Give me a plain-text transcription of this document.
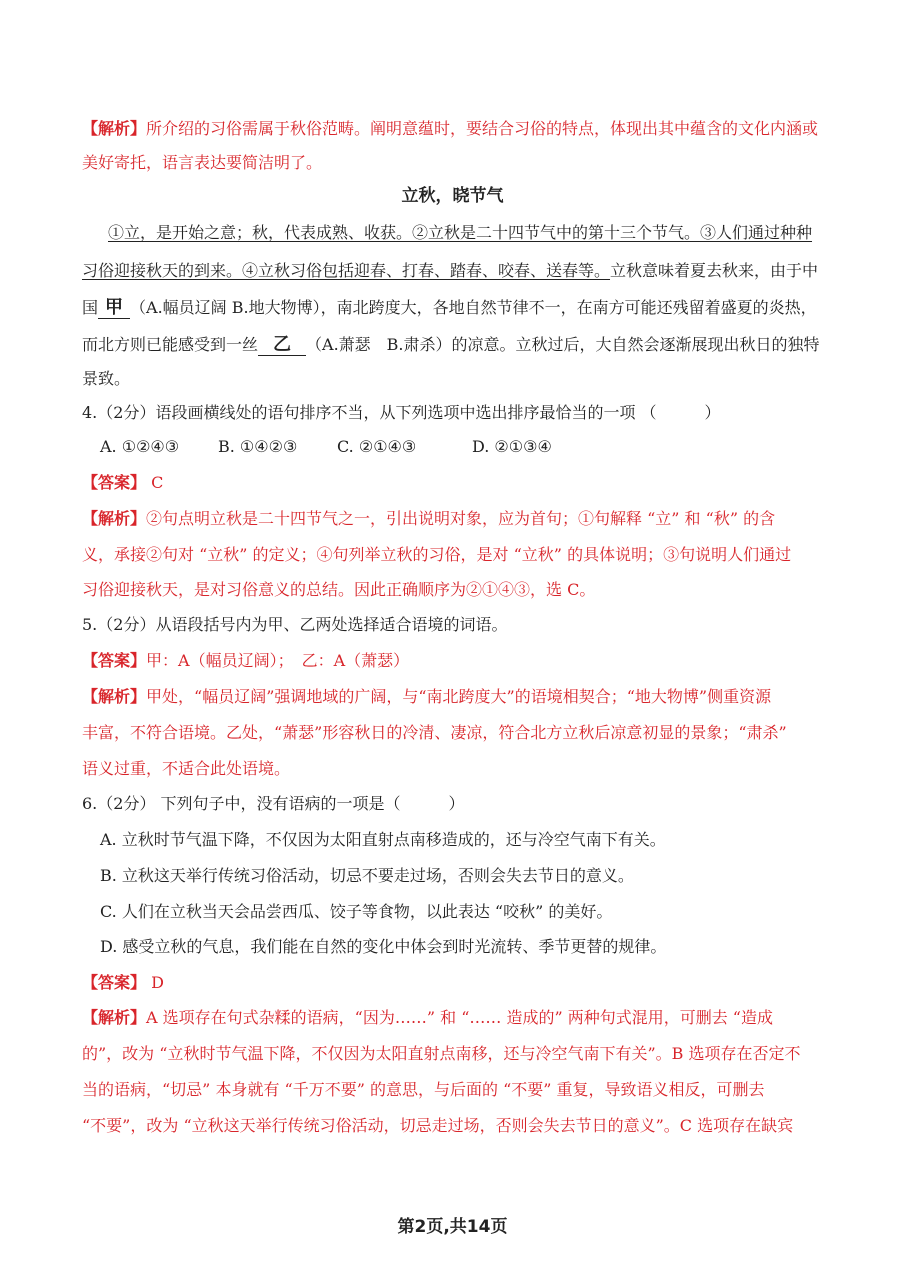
【解析】所介绍的习俗需属于秋俗范畴。阐明意蕴时，要结合习俗的特点，体现出其中蕴含的文化内涵或
美好寄托，语言表达要简洁明了。
立秋，晓节气
①立，是开始之意；秋，代表成熟、收获。②立秋是二十四节气中的第十三个节气。③人们通过种种
习俗迎接秋天的到来。④立秋习俗包括迎春、打春、踏春、咬春、送春等。立秋意味着夏去秋来，由于中
国 甲 （A.幅员辽阔 B.地大物博），南北跨度大，各地自然节律不一，在南方可能还残留着盛夏的炎热，
而北方则已能感受到一丝 乙 （A.萧瑟　B.肃杀）的凉意。立秋过后，大自然会逐渐展现出秋日的独特
景致。
4.（2分）语段画横线处的语句排序不当，从下列选项中选出排序最恰当的一项 （　　　）
A. ①②④③ B. ①④②③ C. ②①④③	D. ②①③④
【答案】 C
【解析】②句点明立秋是二十四节气之一，引出说明对象，应为首句；①句解释 “立” 和 “秋” 的含
义，承接②句对 “立秋” 的定义；④句列举立秋的习俗，是对 “立秋” 的具体说明；③句说明人们通过
习俗迎接秋天，是对习俗意义的总结。因此正确顺序为②①④③，选 C。
5.（2分）从语段括号内为甲、乙两处选择适合语境的词语。
【答案】甲：A（幅员辽阔）；　乙：A（萧瑟）
【解析】甲处，“幅员辽阔”强调地域的广阔，与“南北跨度大”的语境相契合；“地大物博”侧重资源
丰富，不符合语境。乙处，“萧瑟”形容秋日的冷清、凄凉，符合北方立秋后凉意初显的景象；“肃杀”
语义过重，不适合此处语境。
6.（2分） 下列句子中，没有语病的一项是（　　　）
A. 立秋时节气温下降，不仅因为太阳直射点南移造成的，还与冷空气南下有关。
B. 立秋这天举行传统习俗活动，切忌不要走过场，否则会失去节日的意义。
C. 人们在立秋当天会品尝西瓜、饺子等食物，以此表达 “咬秋” 的美好。
D. 感受立秋的气息，我们能在自然的变化中体会到时光流转、季节更替的规律。
【答案】 D
【解析】A 选项存在句式杂糅的语病，“因为……” 和 “…… 造成的” 两种句式混用，可删去 “造成
的”，改为 “立秋时节气温下降，不仅因为太阳直射点南移，还与冷空气南下有关”。B 选项存在否定不
当的语病，“切忌” 本身就有 “千万不要” 的意思，与后面的 “不要” 重复，导致语义相反，可删去
“不要”，改为 “立秋这天举行传统习俗活动，切忌走过场，否则会失去节日的意义”。C 选项存在缺宾
第2页,共14页
